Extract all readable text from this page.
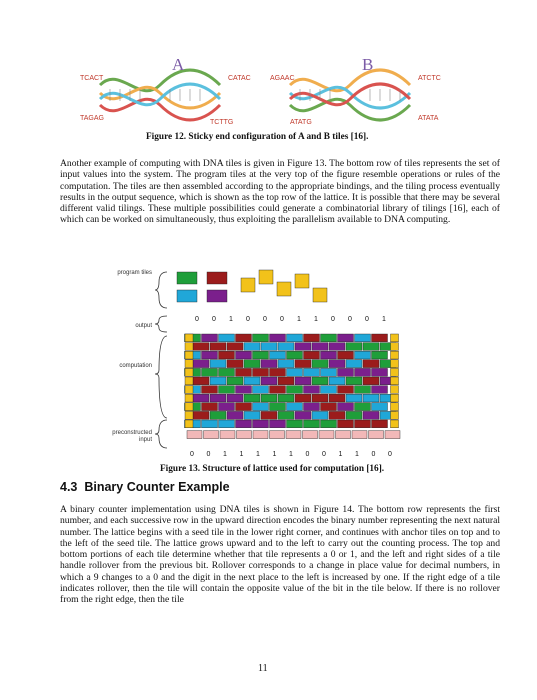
A	B
TCACT	CATAC	AGAAC	ATCTC
TAGAG
TCTTG	ATATG
ATATA
Figure 12. Sticky end configuration of A and B tiles [16].

Another example of computing with DNA tiles is given in Figure 13. The bottom row of tiles represents the set of input values into the system. The program tiles at the very top of the figure resemble operations or rules of the computation. The tiles are then assembled according to the appropriate bindings, and the tiling process eventually results in the output sequence, which is shown as the top row of the lattice. It is possible that there may be several different valid tilings. These multiple possibilities could generate a combinatorial library of tilings [16], each of which can be worked on simultaneously, thus exploiting the parallelism available to DNA computing.

program tiles
output
computation
preconstructed input
0 0 1 0 0 0 1 1 0 0 0 1
0 0 1 1 1 1 1 0 0 1 1 0 0
Figure 13. Structure of lattice used for computation [16].
4.3 Binary Counter Example

A binary counter implementation using DNA tiles is shown in Figure 14. The bottom row represents the first number, and each successive row in the upward direction encodes the binary number representing the next natural number. The lattice begins with a seed tile in the lower right corner, and continues with anchor tiles on top and to the left of the seed tile. The lattice grows upward and to the left to carry out the counting process. The top and bottom portions of each tile determine whether that tile represents a 0 or 1, and the left and right sides of a tile handle rollover from the previous bit. Rollover corresponds to a change in place value for decimal numbers, in which a 9 changes to a 0 and the digit in the next place to the left is increased by one. If the right edge of a tile indicates rollover, then the tile will contain the opposite value of the bit in the tile below. If there is no rollover from the right edge, then the tile

11
